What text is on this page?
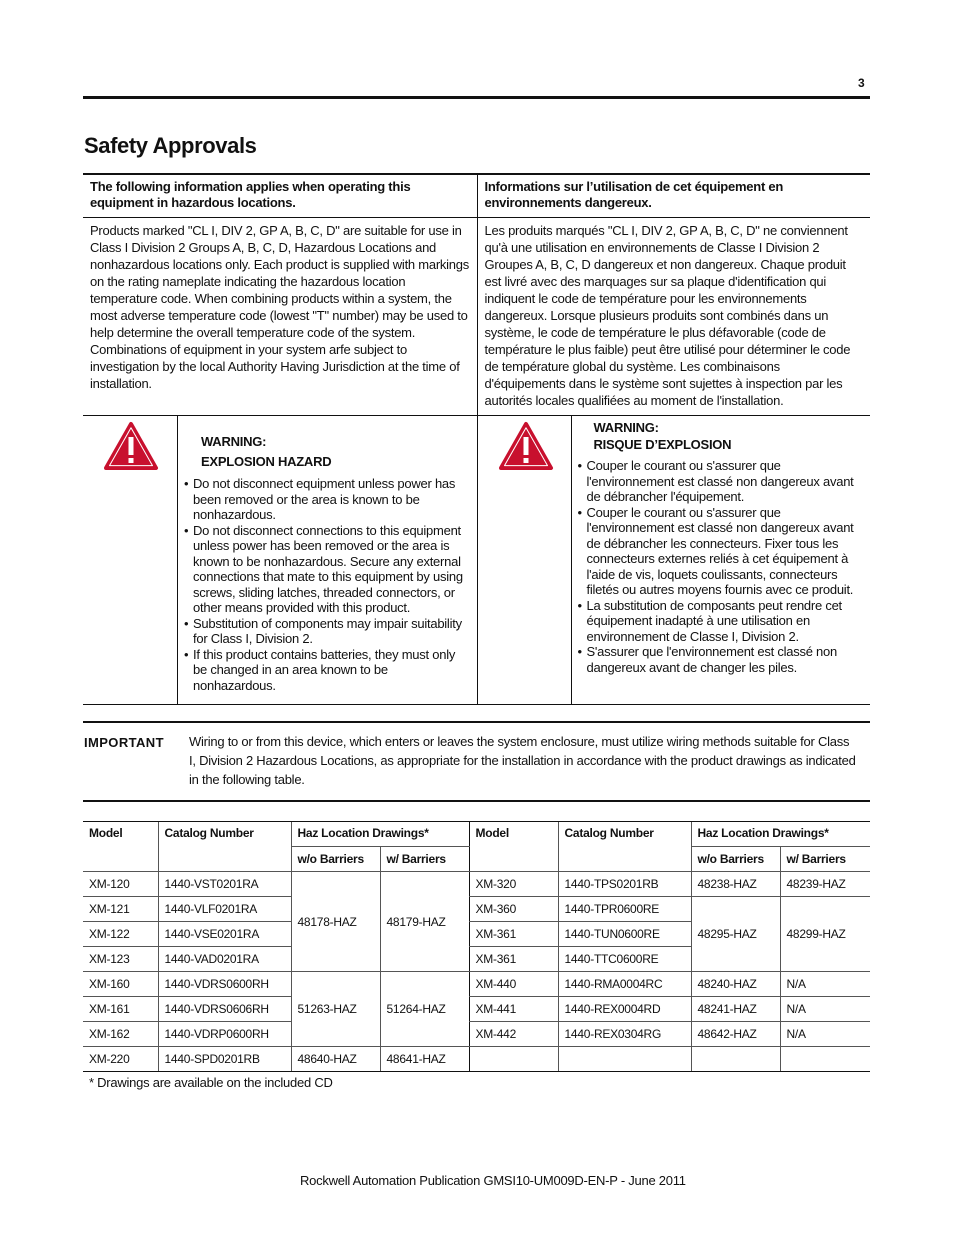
3
Safety Approvals
The following information applies when operating this equipment in hazardous locations.
Informations sur l’utilisation de cet équipement en environnements dangereux.
Products marked "CL I, DIV 2, GP A, B, C, D" are suitable for use in Class I Division 2 Groups A, B, C, D, Hazardous Locations and nonhazardous locations only. Each product is supplied with markings on the rating nameplate indicating the hazardous location temperature code. When combining products within a system, the most adverse temperature code (lowest "T" number) may be used to help determine the overall temperature code of the system. Combinations of equipment in your system arfe subject to investigation by the local Authority Having Jurisdiction at the time of installation.
Les produits marqués "CL I, DIV 2, GP A, B, C, D" ne conviennent qu'à une utilisation en environnements de Classe I Division 2 Groupes A, B, C, D dangereux et non dangereux. Chaque produit est livré avec des marquages sur sa plaque d'identification qui indiquent le code de température pour les environnements dangereux. Lorsque plusieurs produits sont combinés dans un système, le code de température le plus défavorable (code de température le plus faible) peut être utilisé pour déterminer le code de température global du système. Les combinaisons d'équipements dans le système sont sujettes à inspection par les autorités locales qualifiées au moment de l'installation.
WARNING:
EXPLOSION HAZARD
• Do not disconnect equipment unless power has been removed or the area is known to be nonhazardous.
• Do not disconnect connections to this equipment unless power has been removed or the area is known to be nonhazardous. Secure any external connections that mate to this equipment by using screws, sliding latches, threaded connectors, or other means provided with this product.
• Substitution of components may impair suitability for Class I, Division 2.
• If this product contains batteries, they must only be changed in an area known to be nonhazardous.
WARNING:
RISQUE D’EXPLOSION
• Couper le courant ou s'assurer que l'environnement est classé non dangereux avant de débrancher l'équipement.
• Couper le courant ou s'assurer que l'environnement est classé non dangereux avant de débrancher les connecteurs. Fixer tous les connecteurs externes reliés à cet équipement à l'aide de vis, loquets coulissants, connecteurs filetés ou autres moyens fournis avec ce produit.
• La substitution de composants peut rendre cet équipement inadapté à une utilisation en environnement de Classe I, Division 2.
• S'assurer que l'environnement est classé non dangereux avant de changer les piles.
IMPORTANT Wiring to or from this device, which enters or leaves the system enclosure, must utilize wiring methods suitable for Class I, Division 2 Hazardous Locations, as appropriate for the installation in accordance with the product drawings as indicated in the following table.
Model	Catalog Number	Haz Location Drawings*		Model	Catalog Number	Haz Location Drawings*	
		w/o Barriers	w/ Barriers			w/o Barriers	w/ Barriers
XM-120	1440-VST0201RA	48178-HAZ	48179-HAZ	XM-320	1440-TPS0201RB	48238-HAZ	48239-HAZ
XM-121	1440-VLF0201RA			XM-360	1440-TPR0600RE	48295-HAZ	48299-HAZ
XM-122	1440-VSE0201RA			XM-361	1440-TUN0600RE		
XM-123	1440-VAD0201RA			XM-361	1440-TTC0600RE		
XM-160	1440-VDRS0600RH	51263-HAZ	51264-HAZ	XM-440	1440-RMA0004RC	48240-HAZ	N/A
XM-161	1440-VDRS0606RH			XM-441	1440-REX0004RD	48241-HAZ	N/A
XM-162	1440-VDRP0600RH			XM-442	1440-REX0304RG	48642-HAZ	N/A
XM-220	1440-SPD0201RB	48640-HAZ	48641-HAZ				
* Drawings are available on the included CD
Rockwell Automation Publication GMSI10-UM009D-EN-P - June 2011
